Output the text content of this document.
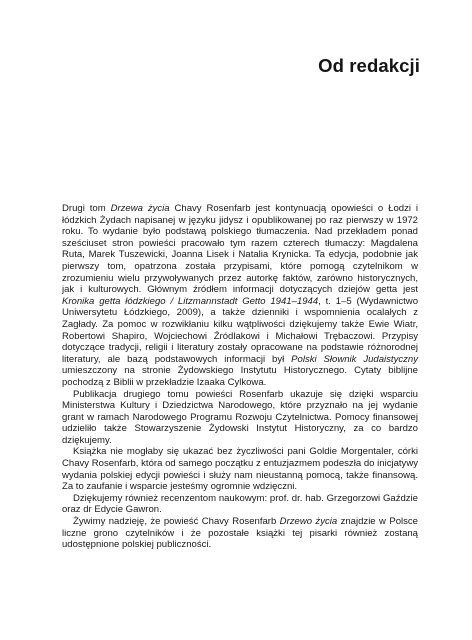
Od redakcji

Drugi tom Drzewa życia Chavy Rosenfarb jest kontynuacją opowieści o Łodzi i łódzkich Żydach napisanej w języku jidysz i opublikowanej po raz pierwszy w 1972 roku. To wydanie było podstawą polskiego tłumaczenia. Nad przekładem ponad sześciuset stron powieści pracowało tym razem czterech tłumaczy: Magdalena Ruta, Marek Tuszewicki, Joanna Lisek i Natalia Krynicka. Ta edycja, podobnie jak pierwszy tom, opatrzona została przypisami, które pomogą czytelnikom w zrozumieniu wielu przywoływanych przez autorkę faktów, zarówno historycznych, jak i kulturowych. Głównym źródłem informacji dotyczących dziejów getta jest Kronika getta łódzkiego / Litzmannstadt Getto 1941–1944, t. 1–5 (Wydawnictwo Uniwersytetu Łódzkiego, 2009), a także dzienniki i wspomnienia ocalałych z Zagłady. Za pomoc w rozwikłaniu kilku wątpliwości dziękujemy także Ewie Wiatr, Robertowi Shapiro, Wojciechowi Źródlakowi i Michałowi Trębaczowi. Przypisy dotyczące tradycji, religii i literatury zostały opracowane na podstawie różnorodnej literatury, ale bazą podstawowych informacji był Polski Słownik Judaistyczny umieszczony na stronie Żydowskiego Instytutu Historycznego. Cytaty biblijne pochodzą z Biblii w przekładzie Izaaka Cylkowa.

Publikacja drugiego tomu powieści Rosenfarb ukazuje się dzięki wsparciu Ministerstwa Kultury i Dziedzictwa Narodowego, które przyznało na jej wydanie grant w ramach Narodowego Programu Rozwoju Czytelnictwa. Pomocy finansowej udzieliło także Stowarzyszenie Żydowski Instytut Historyczny, za co bardzo dziękujemy.

Książka nie mogłaby się ukazać bez życzliwości pani Goldie Morgentaler, córki Chavy Rosenfarb, która od samego początku z entuzjazmem podeszła do inicjatywy wydania polskiej edycji powieści i służy nam nieustanną pomocą, także finansową. Za to zaufanie i wsparcie jesteśmy ogromnie wdzięczni.

Dziękujemy również recenzentom naukowym: prof. dr. hab. Grzegorzowi Gaździe oraz dr Edycie Gawron.

Żywimy nadzieję, że powieść Chavy Rosenfarb Drzewo życia znajdzie w Polsce liczne grono czytelników i że pozostałe książki tej pisarki również zostaną udostępnione polskiej publiczności.
